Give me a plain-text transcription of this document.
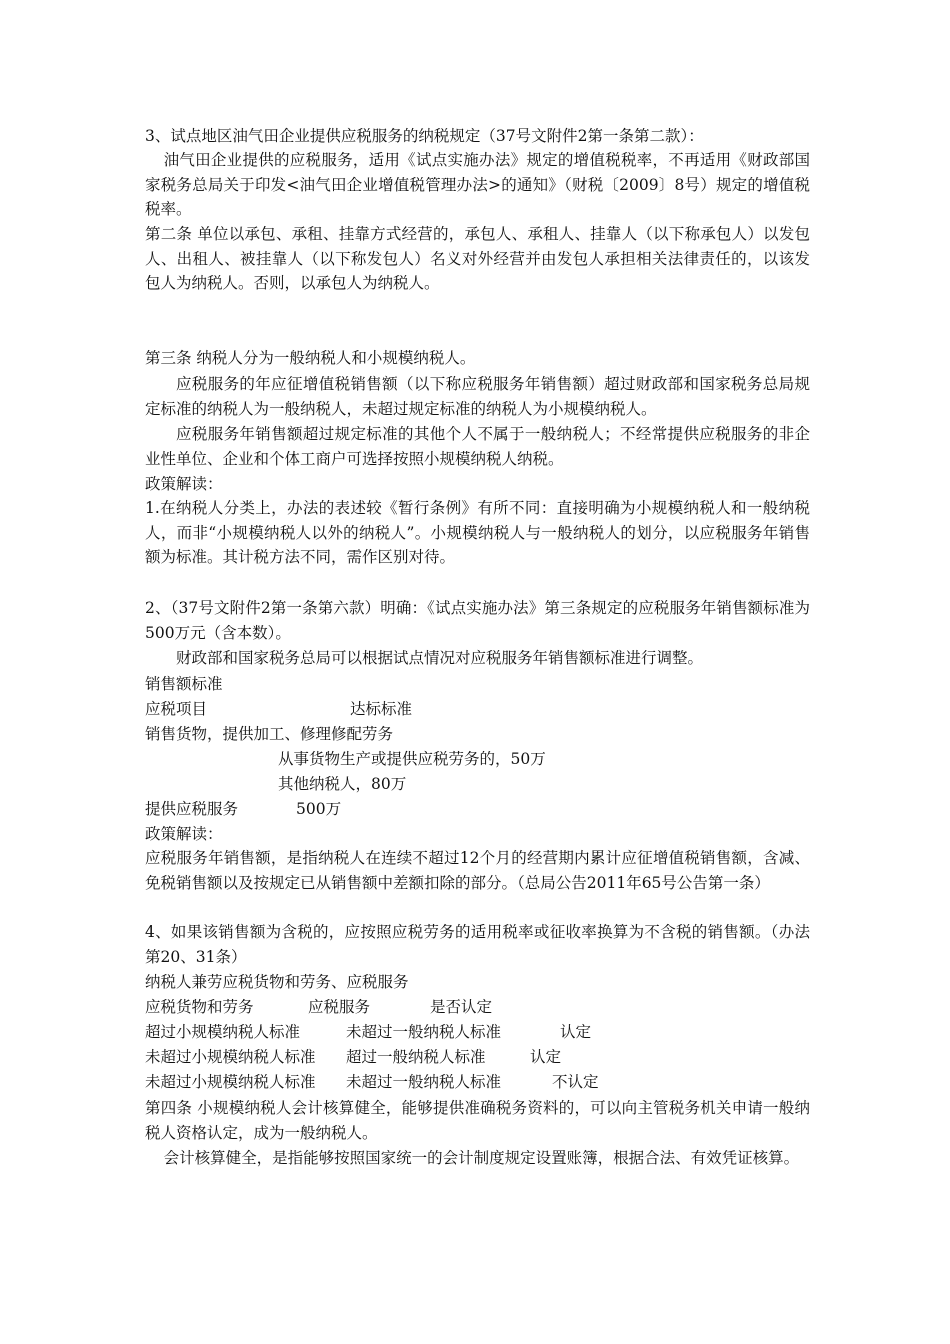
3、试点地区油气田企业提供应税服务的纳税规定（37号文附件2第一条第二款）：
油气田企业提供的应税服务，适用《试点实施办法》规定的增值税税率，不再适用《财政部国家税务总局关于印发<油气田企业增值税管理办法>的通知》（财税〔2009〕8号）规定的增值税税率。
第二条 单位以承包、承租、挂靠方式经营的，承包人、承租人、挂靠人（以下称承包人）以发包人、出租人、被挂靠人（以下称发包人）名义对外经营并由发包人承担相关法律责任的，以该发包人为纳税人。否则，以承包人为纳税人。
第三条 纳税人分为一般纳税人和小规模纳税人。
应税服务的年应征增值税销售额（以下称应税服务年销售额）超过财政部和国家税务总局规定标准的纳税人为一般纳税人，未超过规定标准的纳税人为小规模纳税人。
应税服务年销售额超过规定标准的其他个人不属于一般纳税人；不经常提供应税服务的非企业性单位、企业和个体工商户可选择按照小规模纳税人纳税。
政策解读：
1.在纳税人分类上，办法的表述较《暂行条例》有所不同：直接明确为小规模纳税人和一般纳税人，而非“小规模纳税人以外的纳税人”。小规模纳税人与一般纳税人的划分，以应税服务年销售额为标准。其计税方法不同，需作区别对待。
2、（37号文附件2第一条第六款）明确：《试点实施办法》第三条规定的应税服务年销售额标准为500万元（含本数）。
财政部和国家税务总局可以根据试点情况对应税服务年销售额标准进行调整。
销售额标准
应税项目	达标标准
销售货物，提供加工、修理修配劳务
从事货物生产或提供应税劳务的，50万
其他纳税人，80万
提供应税服务	500万
政策解读：
应税服务年销售额，是指纳税人在连续不超过12个月的经营期内累计应征增值税销售额，含减、免税销售额以及按规定已从销售额中差额扣除的部分。（总局公告2011年65号公告第一条）
4、如果该销售额为含税的，应按照应税劳务的适用税率或征收率换算为不含税的销售额。（办法第20、31条）
纳税人兼劳应税货物和劳务、应税服务
应税货物和劳务	应税服务	是否认定
超过小规模纳税人标准	未超过一般纳税人标准	认定
未超过小规模纳税人标准 超过一般纳税人标准	认定
未超过小规模纳税人标准 未超过一般纳税人标准	不认定
第四条 小规模纳税人会计核算健全，能够提供准确税务资料的，可以向主管税务机关申请一般纳税人资格认定，成为一般纳税人。
会计核算健全，是指能够按照国家统一的会计制度规定设置账簿，根据合法、有效凭证核算。
